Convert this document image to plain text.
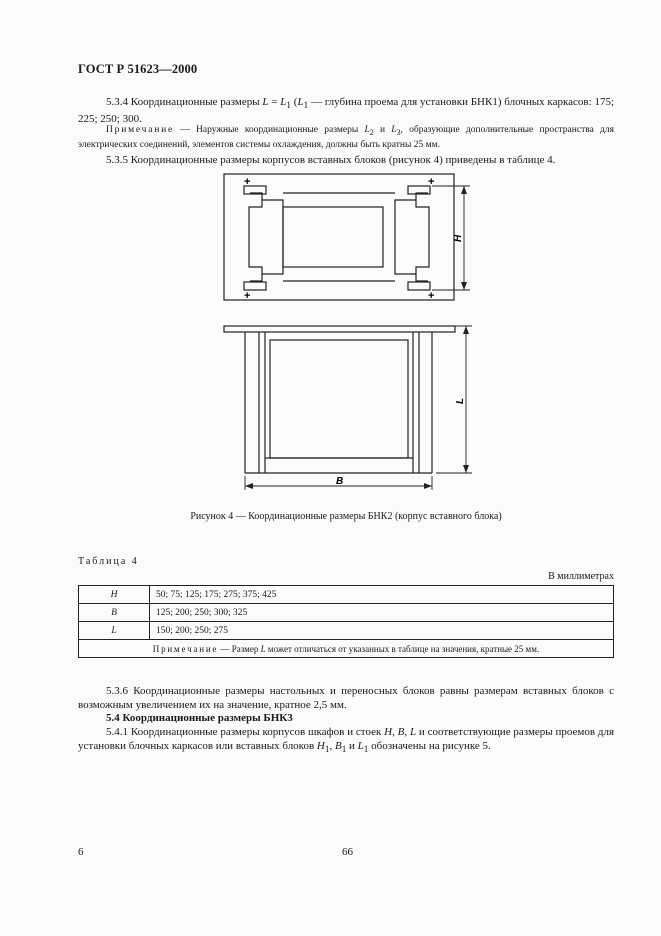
ГОСТ Р 51623—2000
5.3.4 Координационные размеры $L = L_1$ ($L_1$ — глубина проема для установки БНК1) блочных каркасов: 175; 225; 250; 300.
Примечание — Наружные координационные размеры $L_2$ и $L_3$, образующие дополнительные пространства для электрических соединений, элементов системы охлаждения, должны быть кратны 25 мм.
5.3.5 Координационные размеры корпусов вставных блоков (рисунок 4) приведены в таблице 4.
+	+
+	+
H
L
B
Рисунок 4 — Координационные размеры БНК2 (корпус вставного блока)
Таблица 4
В миллиметрах
H	50; 75; 125; 175; 275; 375; 425
B	125; 200; 250; 300; 325
L	150; 200; 250; 275
Примечание — Размер L может отличаться от указанных в таблице на значения, кратные 25 мм.	
5.3.6 Координационные размеры настольных и переносных блоков равны размерам вставных блоков с возможным увеличением их на значение, кратное 2,5 мм.
5.4 Координационные размеры БНК3
5.4.1 Координационные размеры корпусов шкафов и стоек H, B, L и соответствующие размеры проемов для установки блочных каркасов или вставных блоков $H_1$, $B_1$ и $L_1$ обозначены на рисунке 5.
6	66
